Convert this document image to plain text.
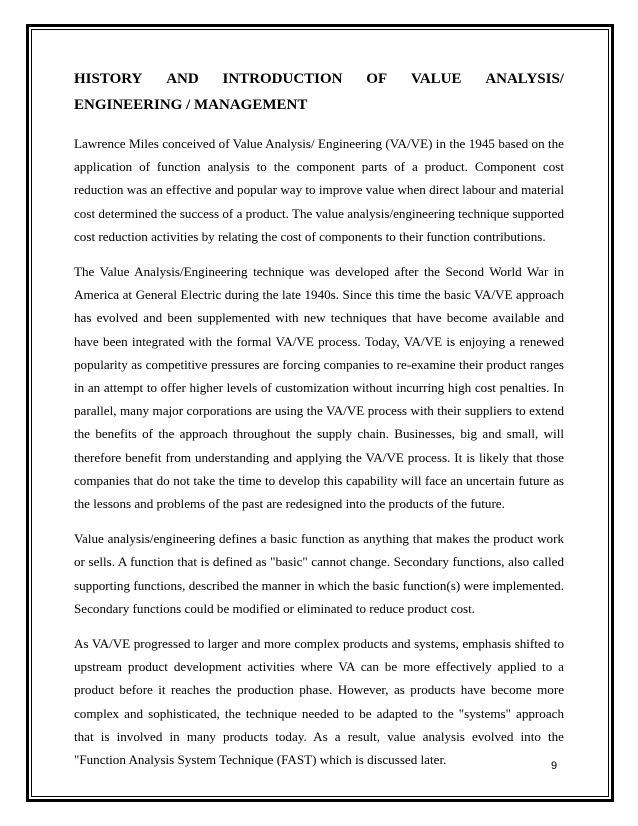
HISTORY AND INTRODUCTION OF VALUE ANALYSIS/
ENGINEERING / MANAGEMENT

Lawrence Miles conceived of Value Analysis/ Engineering (VA/VE) in the 1945 based on the application of function analysis to the component parts of a product. Component cost reduction was an effective and popular way to improve value when direct labour and material cost determined the success of a product. The value analysis/engineering technique supported cost reduction activities by relating the cost of components to their function contributions.

The Value Analysis/Engineering technique was developed after the Second World War in America at General Electric during the late 1940s. Since this time the basic VA/VE approach has evolved and been supplemented with new techniques that have become available and have been integrated with the formal VA/VE process. Today, VA/VE is enjoying a renewed popularity as competitive pressures are forcing companies to re-examine their product ranges in an attempt to offer higher levels of customization without incurring high cost penalties. In parallel, many major corporations are using the VA/VE process with their suppliers to extend the benefits of the approach throughout the supply chain. Businesses, big and small, will therefore benefit from understanding and applying the VA/VE process. It is likely that those companies that do not take the time to develop this capability will face an uncertain future as the lessons and problems of the past are redesigned into the products of the future.

Value analysis/engineering defines a basic function as anything that makes the product work or sells. A function that is defined as "basic" cannot change. Secondary functions, also called supporting functions, described the manner in which the basic function(s) were implemented. Secondary functions could be modified or eliminated to reduce product cost.

As VA/VE progressed to larger and more complex products and systems, emphasis shifted to upstream product development activities where VA can be more effectively applied to a product before it reaches the production phase. However, as products have become more complex and sophisticated, the technique needed to be adapted to the "systems" approach that is involved in many products today. As a result, value analysis evolved into the "Function Analysis System Technique (FAST) which is discussed later.	9
